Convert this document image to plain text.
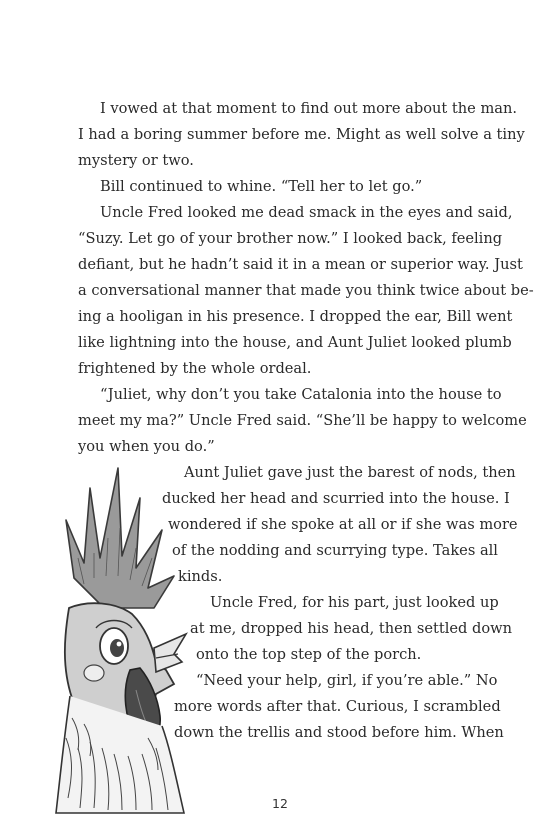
I vowed at that moment to find out more about the man.
I had a boring summer before me. Might as well solve a tiny
mystery or two.
Bill continued to whine. “Tell her to let go.”
Uncle Fred looked me dead smack in the eyes and said,
“Suzy. Let go of your brother now.” I looked back, feeling
defiant, but he hadn’t said it in a mean or superior way. Just
a conversational manner that made you think twice about be-
ing a hooligan in his presence. I dropped the ear, Bill went
like lightning into the house, and Aunt Juliet looked plumb
frightened by the whole ordeal.
“Juliet, why don’t you take Catalonia into the house to
meet my ma?” Uncle Fred said. “She’ll be happy to welcome
you when you do.”
Aunt Juliet gave just the barest of nods, then
ducked her head and scurried into the house. I
wondered if she spoke at all or if she was more
of the nodding and scurrying type. Takes all
kinds.
Uncle Fred, for his part, just looked up
at me, dropped his head, then settled down
onto the top step of the porch.
“Need your help, girl, if you’re able.” No
more words after that. Curious, I scrambled
down the trellis and stood before him. When
12
